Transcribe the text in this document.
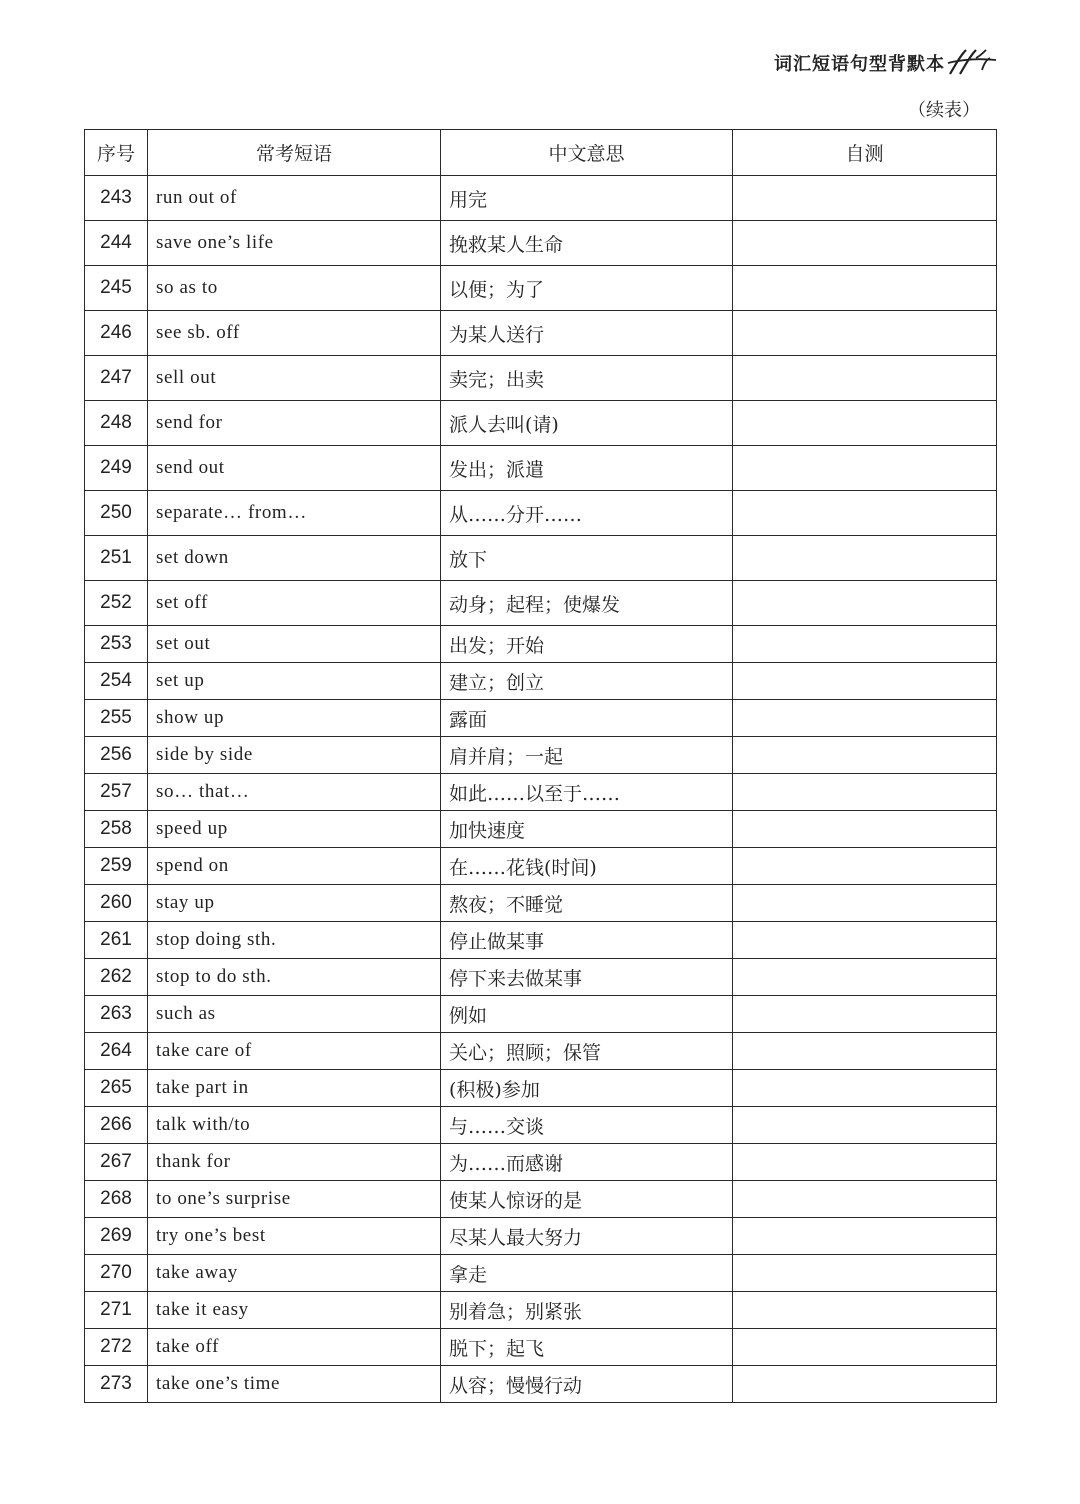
词汇短语句型背默本
（续表）
序号	常考短语	中文意思	自测
243	run out of	用完	
244	save one’s life	挽救某人生命	
245	so as to	以便；为了	
246	see sb. off	为某人送行	
247	sell out	卖完；出卖	
248	send for	派人去叫(请)	
249	send out	发出；派遣	
250	separate… from…	从……分开……	
251	set down	放下	
252	set off	动身；起程；使爆发	
253	set out	出发；开始	
254	set up	建立；创立	
255	show up	露面	
256	side by side	肩并肩；一起	
257	so… that…	如此……以至于……	
258	speed up	加快速度	
259	spend on	在……花钱(时间)	
260	stay up	熬夜；不睡觉	
261	stop doing sth.	停止做某事	
262	stop to do sth.	停下来去做某事	
263	such as	例如	
264	take care of	关心；照顾；保管	
265	take part in	(积极)参加	
266	talk with/to	与……交谈	
267	thank for	为……而感谢	
268	to one’s surprise	使某人惊讶的是	
269	try one’s best	尽某人最大努力	
270	take away	拿走	
271	take it easy	别着急；别紧张	
272	take off	脱下；起飞	
273	take one’s time	从容；慢慢行动	
